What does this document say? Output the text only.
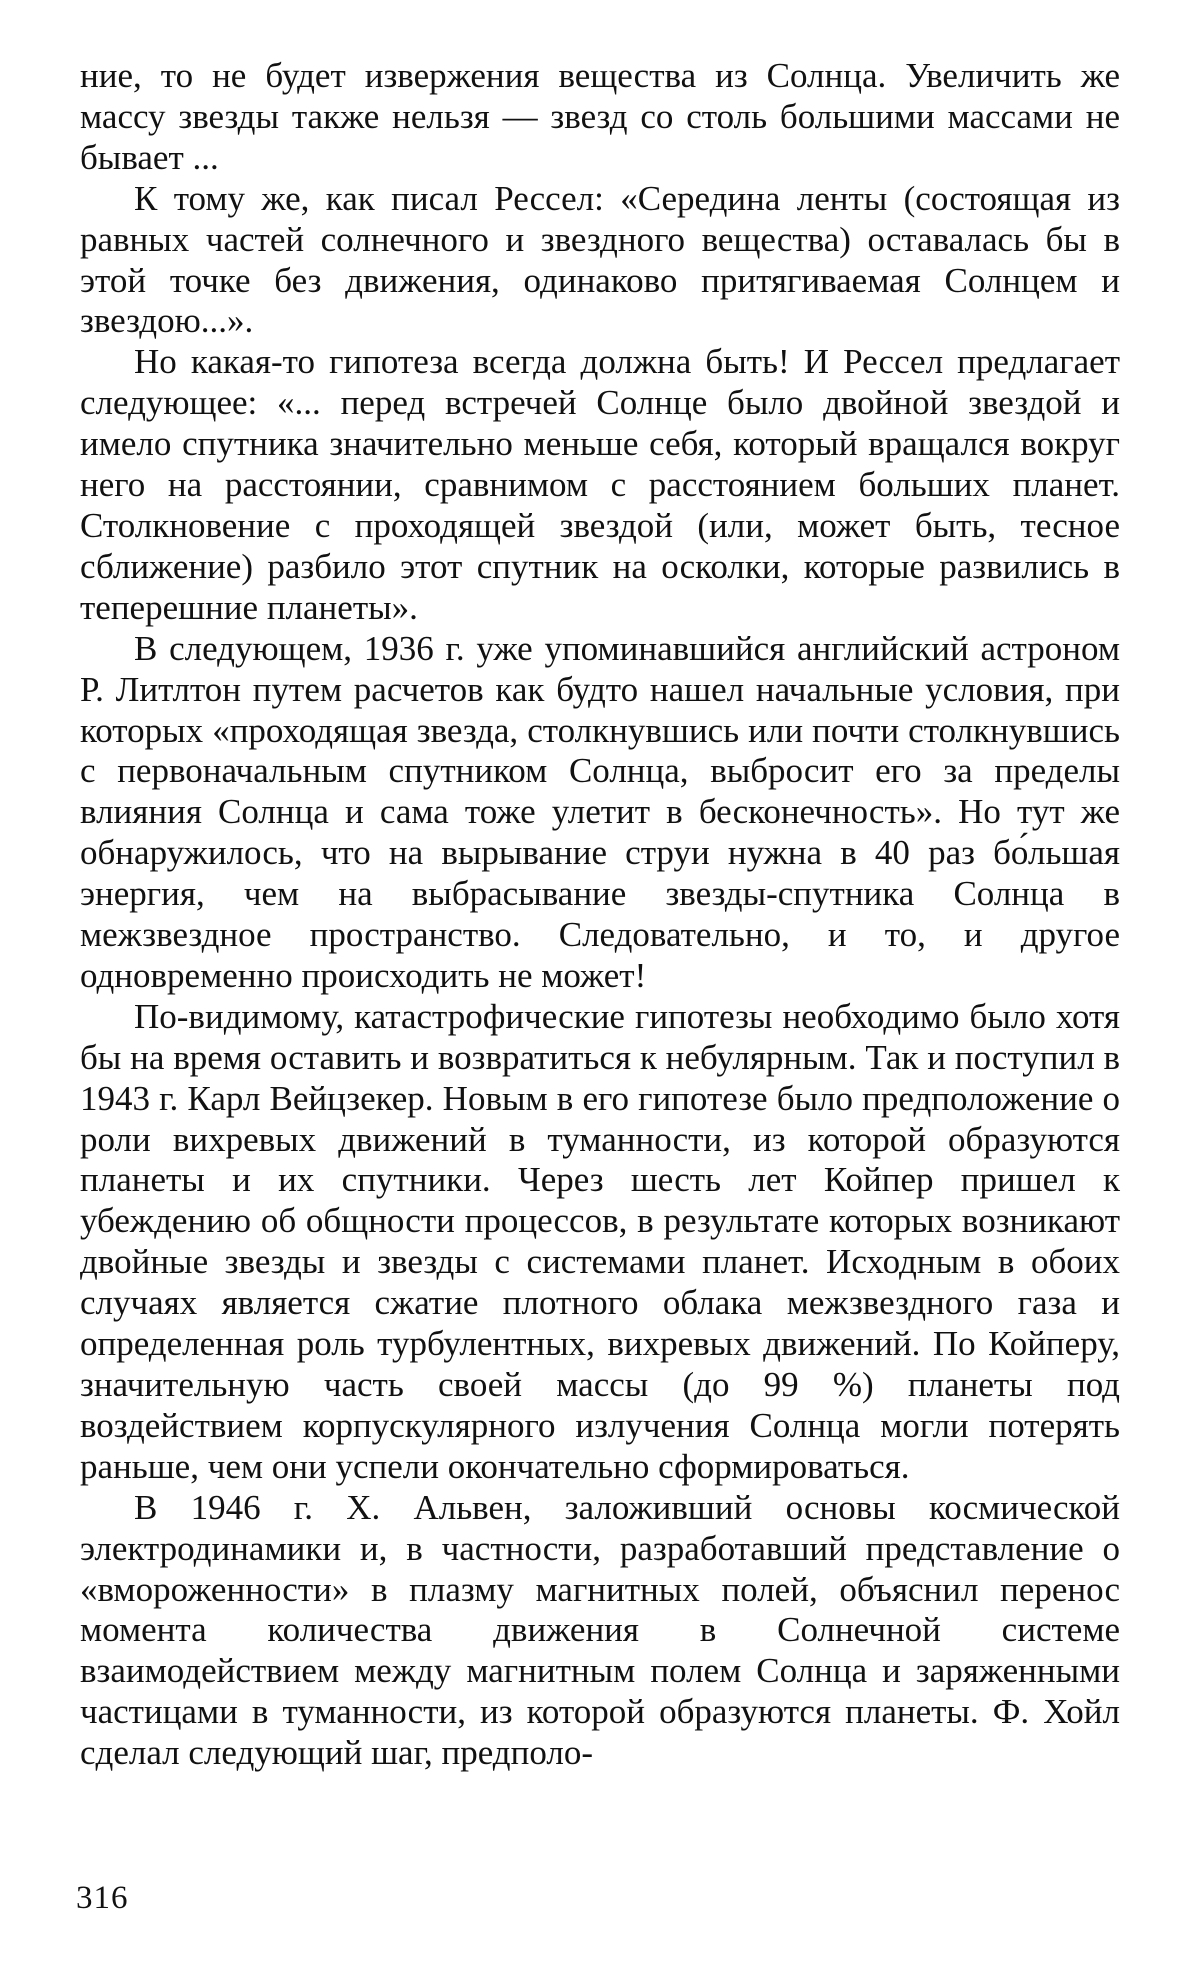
ние, то не будет извержения вещества из Солнца. Увеличить же массу звезды также нельзя — звезд со столь большими массами не бывает ...

К тому же, как писал Рессел: «Середина ленты (состоящая из равных частей солнечного и звездного вещества) оставалась бы в этой точке без движения, одинаково притягиваемая Солнцем и звездою...».

Но какая-то гипотеза всегда должна быть! И Рессел предлагает следующее: «... перед встречей Солнце было двойной звездой и имело спутника значительно меньше себя, который вращался вокруг него на расстоянии, сравнимом с расстоянием больших планет. Столкновение с проходящей звездой (или, может быть, тесное сближение) разбило этот спутник на осколки, которые развились в теперешние планеты».

В следующем, 1936 г. уже упоминавшийся английский астроном Р. Литлтон путем расчетов как будто нашел начальные условия, при которых «проходящая звезда, столкнувшись или почти столкнувшись с первоначальным спутником Солнца, выбросит его за пределы влияния Солнца и сама тоже улетит в бесконечность». Но тут же обнаружилось, что на вырывание струи нужна в 40 раз бо́льшая энергия, чем на выбрасывание звезды-спутника Солнца в межзвездное пространство. Следовательно, и то, и другое одновременно происходить не может!

По-видимому, катастрофические гипотезы необходимо было хотя бы на время оставить и возвратиться к небулярным. Так и поступил в 1943 г. Карл Вейцзекер. Новым в его гипотезе было предположение о роли вихревых движений в туманности, из которой образуются планеты и их спутники. Через шесть лет Койпер пришел к убеждению об общности процессов, в результате которых возникают двойные звезды и звезды с системами планет. Исходным в обоих случаях является сжатие плотного облака межзвездного газа и определенная роль турбулентных, вихревых движений. По Койперу, значительную часть своей массы (до 99 %) планеты под воздействием корпускулярного излучения Солнца могли потерять раньше, чем они успели окончательно сформироваться.

В 1946 г. Х. Альвен, заложивший основы космической электродинамики и, в частности, разработавший представление о «вмороженности» в плазму магнитных полей, объяснил перенос момента количества движения в Солнечной системе взаимодействием между магнитным полем Солнца и заряженными частицами в туманности, из которой образуются планеты. Ф. Хойл сделал следующий шаг, предполо-

316
